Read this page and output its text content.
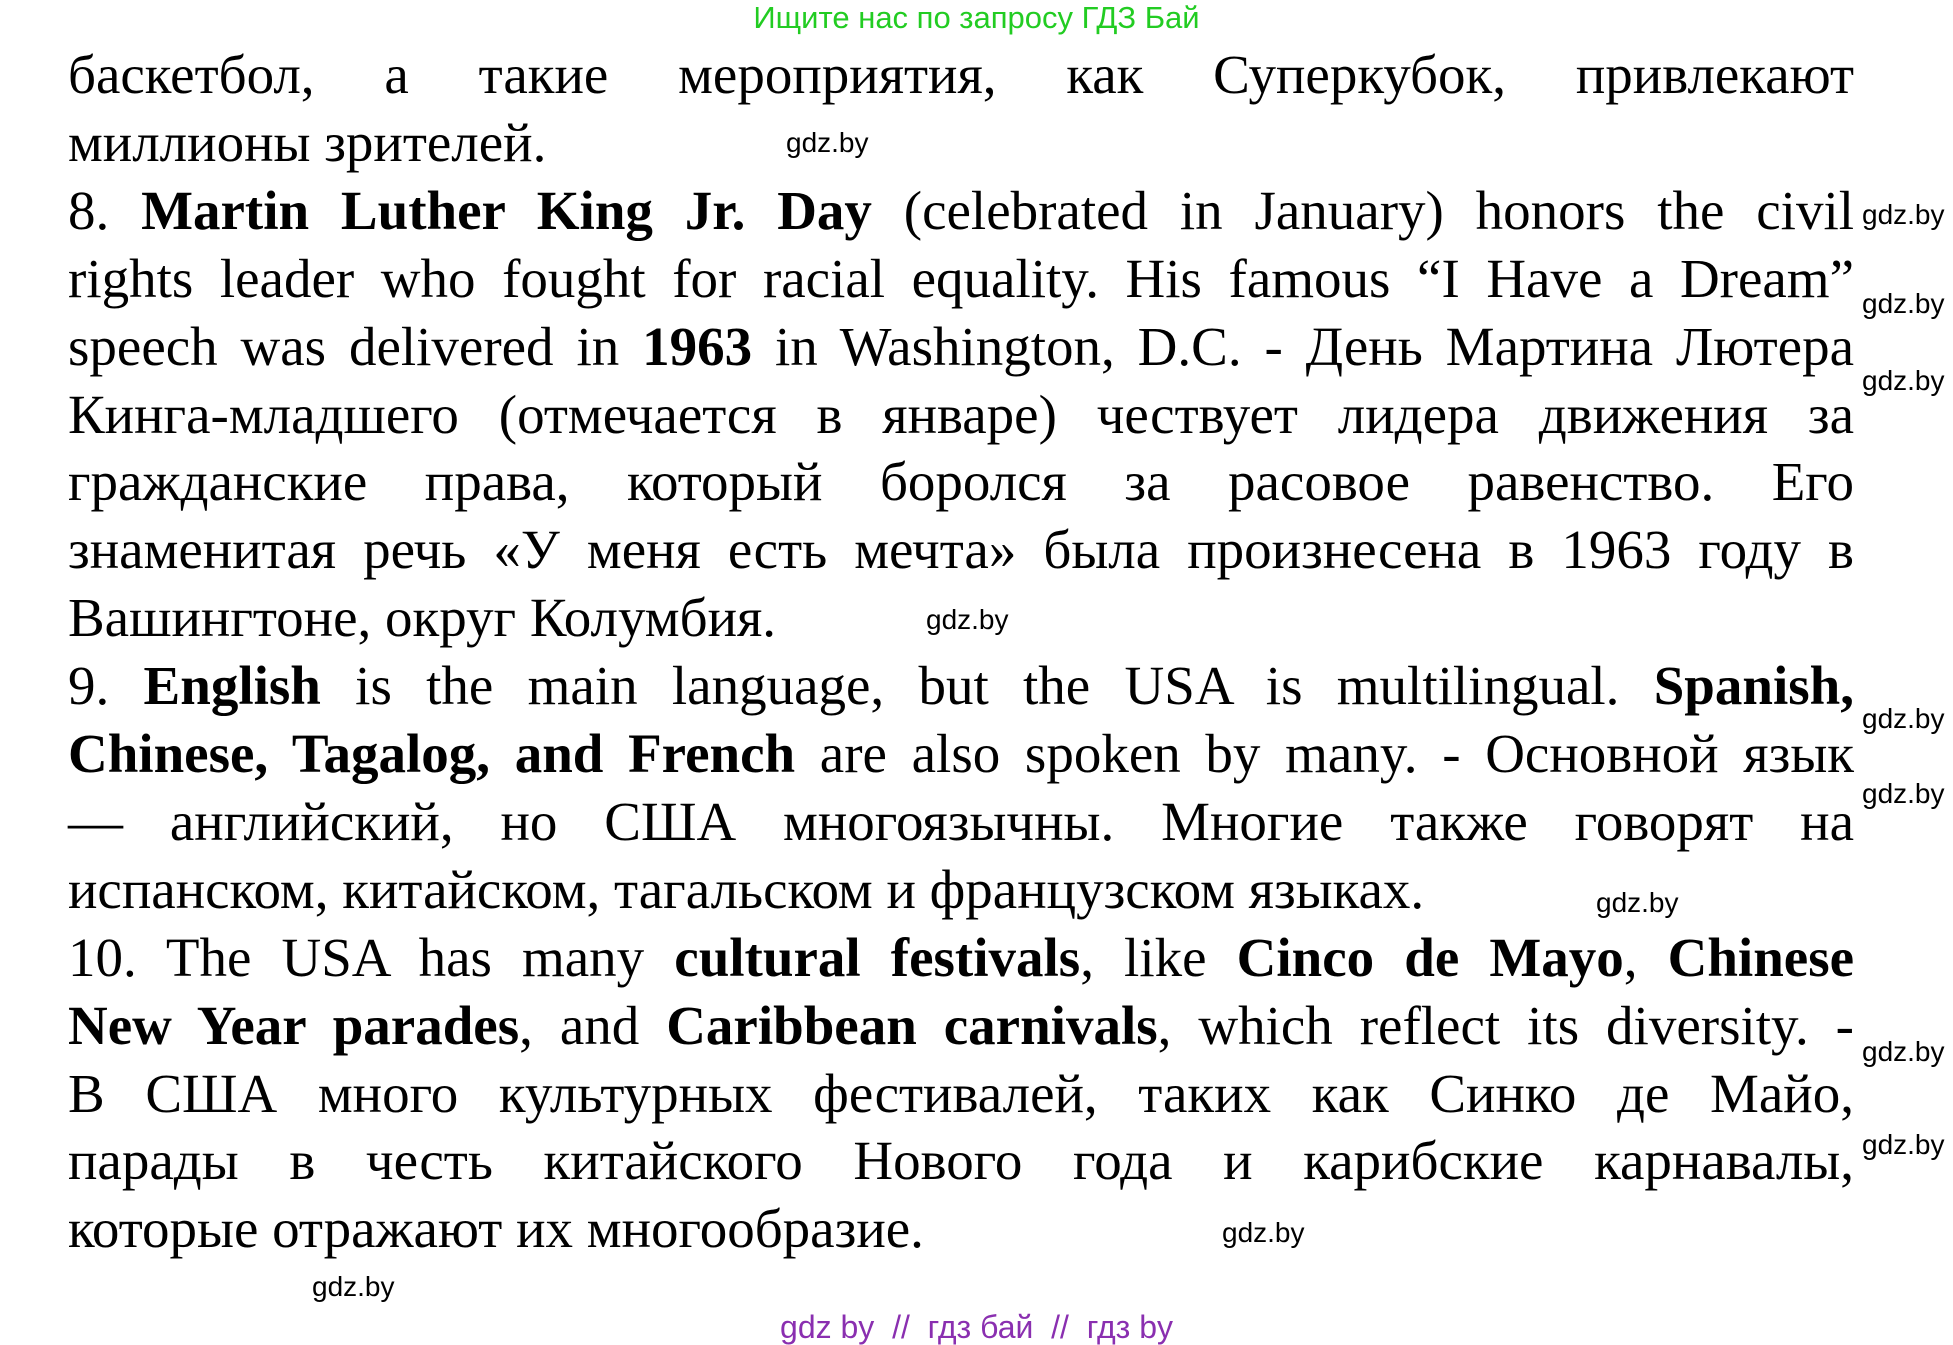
Ищите нас по запросу ГДЗ Бай
баскетбол, а такие мероприятия, как Суперкубок, привлекают
миллионы зрителей.
8. Martin Luther King Jr. Day (celebrated in January) honors the civil
rights leader who fought for racial equality. His famous “I Have a Dream”
speech was delivered in 1963 in Washington, D.C. - День Мартина Лютера
Кинга-младшего (отмечается в январе) чествует лидера движения за
гражданские права, который боролся за расовое равенство. Его
знаменитая речь «У меня есть мечта» была произнесена в 1963 году в
Вашингтоне, округ Колумбия.
9. English is the main language, but the USA is multilingual. Spanish,
Chinese, Tagalog, and French are also spoken by many. - Основной язык
— английский, но США многоязычны. Многие также говорят на
испанском, китайском, тагальском и французском языках.
10. The USA has many cultural festivals, like Cinco de Mayo, Chinese
New Year parades, and Caribbean carnivals, which reflect its diversity. -
В США много культурных фестивалей, таких как Синко де Майо,
парады в честь китайского Нового года и карибские карнавалы,
которые отражают их многообразие.
gdz.by
gdz.by
gdz.by
gdz.by
gdz.by
gdz.by
gdz.by
gdz.by
gdz.by
gdz.by
gdz.by
gdz.by
gdz by  //  гдз бай  //  гдз by
